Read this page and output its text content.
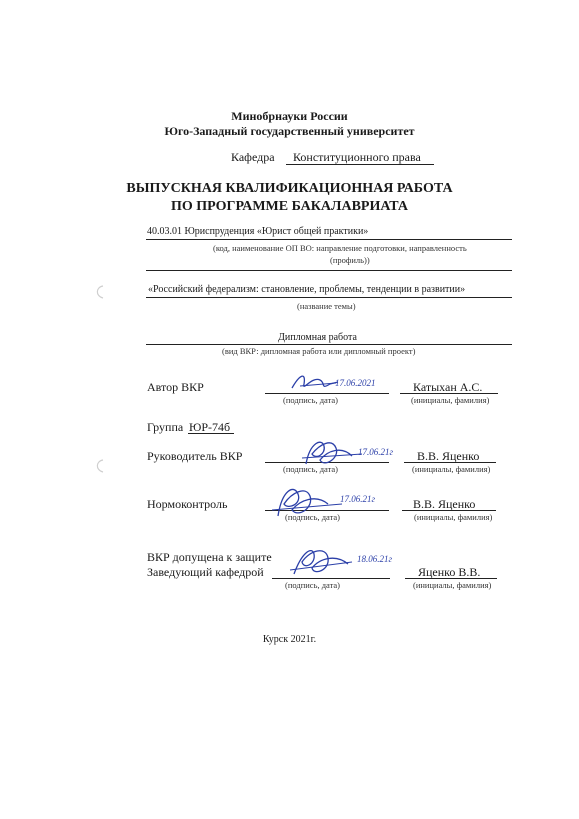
Минобрнауки России
Юго-Западный государственный университет
Кафедра Конституционного права
ВЫПУСКНАЯ КВАЛИФИКАЦИОННАЯ РАБОТА
ПО ПРОГРАММЕ БАКАЛАВРИАТА
40.03.01 Юриспруденция «Юрист общей практики»
(код, наименование ОП ВО: направление подготовки, направленность
(профиль))
«Российский федерализм: становление, проблемы, тенденции в развитии»
(название темы)
Дипломная работа
(вид ВКР: дипломная работа или дипломный проект)
Автор ВКР
(подпись, дата)
Катыхан А.С.
(инициалы, фамилия)
17.06.2021
Группа ЮР-74б
Руководитель ВКР
(подпись, дата)
В.В. Яценко
(инициалы, фамилия)
17.06.21г
Нормоконтроль
(подпись, дата)
В.В. Яценко
(инициалы, фамилия)
17.06.21г
ВКР допущена к защите
Заведующий кафедрой
(подпись, дата)
Яценко В.В.
(инициалы, фамилия)
18.06.21г
Курск 2021г.
